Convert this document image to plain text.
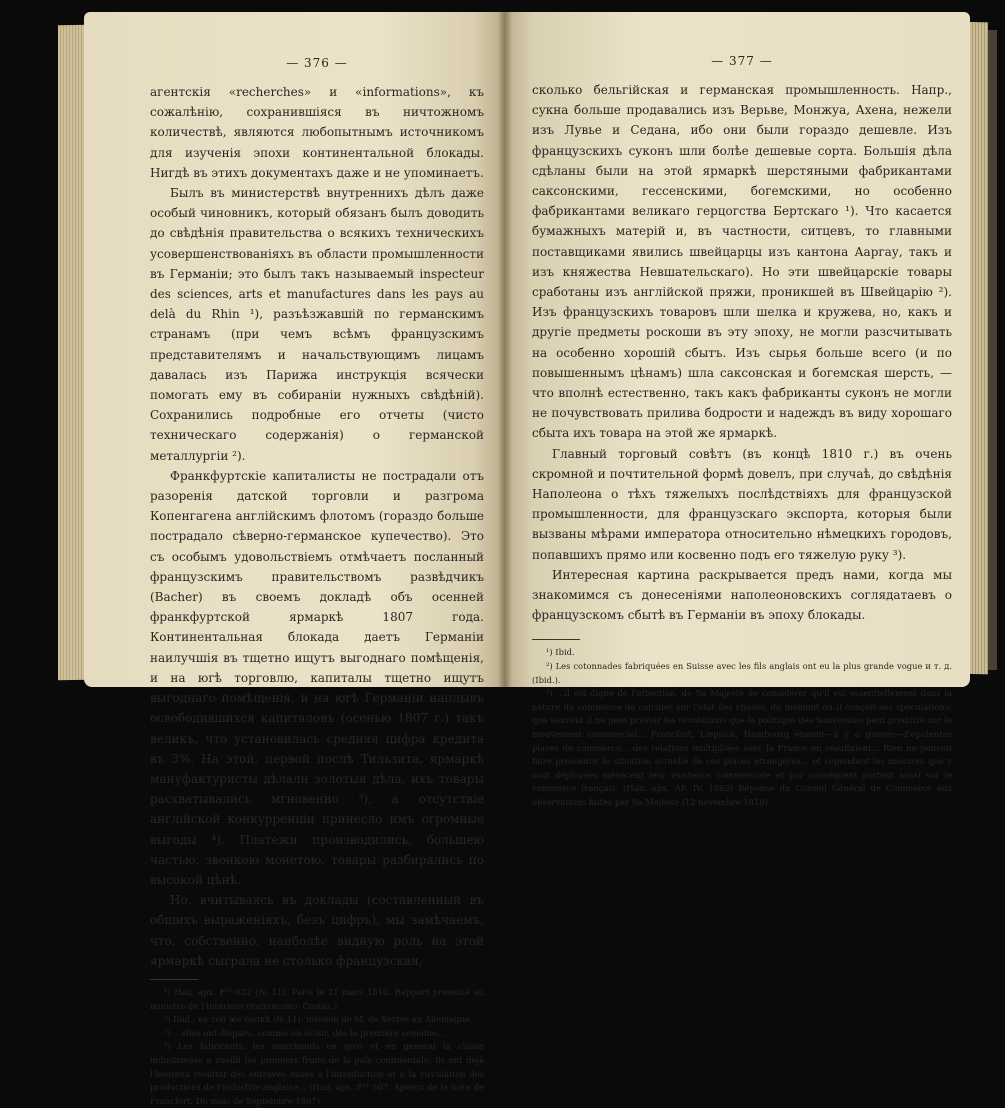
— 376 —

агентскія «recherches» и «informations», къ сожалѣнію, сохранившіяся въ ничтожномъ количествѣ, являются любопытнымъ источникомъ для изученія эпохи континентальной блокады. Нигдѣ въ этихъ документахъ даже и не упоминаетъ.

Былъ въ министерствѣ внутреннихъ дѣлъ даже особый чиновникъ, который обязанъ былъ доводить до свѣдѣнія правительства о всякихъ техническихъ усовершенствованіяхъ въ области промышленности въ Германіи; это былъ такъ называемый inspecteur des sciences, arts et manufactures dans les pays au delà du Rhin ¹), разъѣзжавшій по германскимъ странамъ (при чемъ всѣмъ французскимъ представителямъ и начальствующимъ лицамъ давалась изъ Парижа инструкція всячески помогать ему въ собираніи нужныхъ свѣдѣній). Сохранились подробные его отчеты (чисто техническаго содержанія) о германской металлургіи ²).

Франкфуртскіе капиталисты не пострадали отъ разоренія датской торговли и разгрома Копенгагена англійскимъ флотомъ (гораздо больше пострадало сѣверно-германское купечество). Это съ особымъ удовольствіемъ отмѣчаетъ посланный французскимъ правительствомъ развѣдчикъ (Bacher) въ своемъ докладѣ объ осенней франкфуртской ярмаркѣ 1807 года. Континентальная блокада даетъ Германіи наилучшія въ тщетно ищутъ выгоднаго помѣщенія, и на югѣ торговлю, капиталы тщетно ищутъ выгоднаго помѣщенія, и на югѣ Германіи наплывъ освободившихся капиталовъ (осенью 1807 г.) такъ великъ, что установилась средняя цифра кредита въ 3%. На этой, первой послѣ Тильзита, ярмаркѣ мануфактуристы дѣлали золотыя дѣла, ихъ товары расхватывались мгновенно ³), а отсутствіе англійской конкурренціи принесло имъ огромные выгоды ⁴). Платежи производились, большею частью, звонкою монетою, товары разбирались по высокой цѣнѣ.

Но, вчитываясь въ доклады (составленный въ общихъ выраженіяхъ, безъ цифръ), мы замѣчаемъ, что, собственно, наиболѣе видную роль на этой ярмаркѣ сыграла не столько французская,

¹) Нац. арх. F¹² 622 (№ 11). Paris le 21 mars 1810. Rapport présenté au ministre de l'Intérieur (подписано: Costaz.).

²) Ibid., въ той же папкѣ (№ 11): mission de M. de Serres en Allemagne.

³) ...elles ont disparu, comme un éclair, dès la première semaine...

⁴) Les fabricants, les marchands en gros et en général la classe industrieuse a cueilli les premiers fruits de la paix continentale; ils ont déjà l'heureux résultat des entraves mises à l'introduction et à la circulation des productions de l'industrie anglaise... (Нац. арх. F¹² 507. Aperçu de la foire de Francfort. Du mois de Septembre 1807).

— 377 —

сколько бельгійская и германская промышленность. Напр., сукна больше продавались изъ Верьве, Монжуа, Ахена, нежели изъ Лувье и Седана, ибо они были гораздо дешевле. Изъ французскихъ суконъ шли болѣе дешевые сорта. Большія дѣла сдѣланы были на этой ярмаркѣ шерстяными фабрикантами саксонскими, гессенскими, богемскими, но особенно фабрикантами великаго герцогства Бертскаго ¹). Что касается бумажныхъ матерій и, въ частности, ситцевъ, то главными поставщиками явились швейцарцы изъ кантона Ааргау, такъ и изъ княжества Невшательскаго). Но эти швейцарскіе товары сработаны изъ англійской пряжи, проникшей въ Швейцарію ²). Изъ французскихъ товаровъ шли шелка и кружева, но, какъ и другіе предметы роскоши въ эту эпоху, не могли разсчитывать на особенно хорошій сбытъ. Изъ сырья больше всего (и по повышеннымъ цѣнамъ) шла саксонская и богемская шерсть, — что вполнѣ естественно, такъ какъ фабриканты суконъ не могли не почувствовать прилива бодрости и надеждъ въ виду хорошаго сбыта ихъ товара на этой же ярмаркѣ.

Главный торговый совѣтъ (въ концѣ 1810 г.) въ очень скромной и почтительной формѣ довелъ, при случаѣ, до свѣдѣнія Наполеона о тѣхъ тяжелыхъ послѣдствіяхъ для французской промышленности, для французскаго экспорта, которыя были вызваны мѣрами императора относительно нѣмецкихъ городовъ, попавшихъ прямо или косвенно подъ его тяжелую руку ³).

Интересная картина раскрывается предъ нами, когда мы знакомимся съ донесеніями наполеоновскихъ соглядатаевъ о французскомъ сбытѣ въ Германіи въ эпоху блокады.

¹) Ibid.

²) Les cotonnades fabriquées en Suisse avec les fils anglais ont eu la plus grande vogue и т. д. (Ibid.).

³) ...il est digne de l'attention, de Sa Majesté de considérer qu'il est essentiellement dans la nature du commerce de calculer sur l'état des choses, du moment où il conçoit ses spéculations; que souvent il ne peut prévoir les révolutions que la politique des Souverains peut produire sur le mouvement commercial... Francfort, Liepsick, Hambourg étaient—il y a guères—d'opulentes places de commerce... des relations multipliées avec la France en résultaient... Rien ne pouvoit faire pressentir la situation actuelle de ces places étrangères... et cependant les mesures que y sont déployées ménacent leur existence commerciale et par conséquent portent aussi sur le commerce français. (Нац. арх. AF. IV. 1062) Réponse du Conseil Général de Commerce aux observations faites par Sa Majesté (12 novembre 1810).
